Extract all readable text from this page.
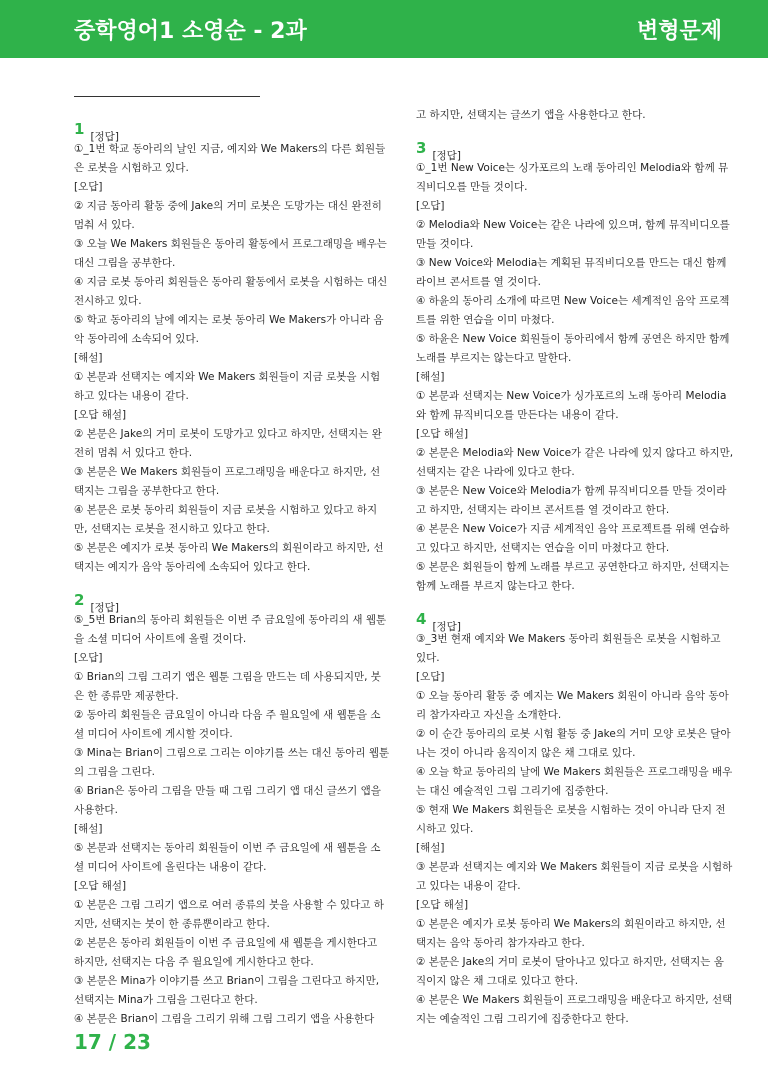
중학영어1 소영순 - 2과	변형문제
1 [정답]
①_1번 학교 동아리의 날인 지금, 예지와 We Makers의 다른 회원들은 로봇을 시험하고 있다.
[오답]
② 지금 동아리 활동 중에 Jake의 거미 로봇은 도망가는 대신 완전히 멈춰 서 있다.
③ 오늘 We Makers 회원들은 동아리 활동에서 프로그래밍을 배우는 대신 그림을 공부한다.
④ 지금 로봇 동아리 회원들은 동아리 활동에서 로봇을 시험하는 대신 전시하고 있다.
⑤ 학교 동아리의 날에 예지는 로봇 동아리 We Makers가 아니라 음악 동아리에 소속되어 있다.
[해설]
① 본문과 선택지는 예지와 We Makers 회원들이 지금 로봇을 시험하고 있다는 내용이 같다.
[오답 해설]
② 본문은 Jake의 거미 로봇이 도망가고 있다고 하지만, 선택지는 완전히 멈춰 서 있다고 한다.
③ 본문은 We Makers 회원들이 프로그래밍을 배운다고 하지만, 선택지는 그림을 공부한다고 한다.
④ 본문은 로봇 동아리 회원들이 지금 로봇을 시험하고 있다고 하지만, 선택지는 로봇을 전시하고 있다고 한다.
⑤ 본문은 예지가 로봇 동아리 We Makers의 회원이라고 하지만, 선택지는 예지가 음악 동아리에 소속되어 있다고 한다.
2 [정답]
⑤_5번 Brian의 동아리 회원들은 이번 주 금요일에 동아리의 새 웹툰을 소셜 미디어 사이트에 올릴 것이다.
[오답]
① Brian의 그림 그리기 앱은 웹툰 그림을 만드는 데 사용되지만, 붓은 한 종류만 제공한다.
② 동아리 회원들은 금요일이 아니라 다음 주 월요일에 새 웹툰을 소셜 미디어 사이트에 게시할 것이다.
③ Mina는 Brian이 그림으로 그리는 이야기를 쓰는 대신 동아리 웹툰의 그림을 그린다.
④ Brian은 동아리 그림을 만들 때 그림 그리기 앱 대신 글쓰기 앱을 사용한다.
[해설]
⑤ 본문과 선택지는 동아리 회원들이 이번 주 금요일에 새 웹툰을 소셜 미디어 사이트에 올린다는 내용이 같다.
[오답 해설]
① 본문은 그림 그리기 앱으로 여러 종류의 붓을 사용할 수 있다고 하지만, 선택지는 붓이 한 종류뿐이라고 한다.
② 본문은 동아리 회원들이 이번 주 금요일에 새 웹툰을 게시한다고 하지만, 선택지는 다음 주 월요일에 게시한다고 한다.
③ 본문은 Mina가 이야기를 쓰고 Brian이 그림을 그린다고 하지만, 선택지는 Mina가 그림을 그린다고 한다.
④ 본문은 Brian이 그림을 그리기 위해 그림 그리기 앱을 사용한다
고 하지만, 선택지는 글쓰기 앱을 사용한다고 한다.
3 [정답]
①_1번 New Voice는 싱가포르의 노래 동아리인 Melodia와 함께 뮤직비디오를 만들 것이다.
[오답]
② Melodia와 New Voice는 같은 나라에 있으며, 함께 뮤직비디오를 만들 것이다.
③ New Voice와 Melodia는 계획된 뮤직비디오를 만드는 대신 함께 라이브 콘서트를 열 것이다.
④ 하윤의 동아리 소개에 따르면 New Voice는 세계적인 음악 프로젝트를 위한 연습을 이미 마쳤다.
⑤ 하윤은 New Voice 회원들이 동아리에서 함께 공연은 하지만 함께 노래를 부르지는 않는다고 말한다.
[해설]
① 본문과 선택지는 New Voice가 싱가포르의 노래 동아리 Melodia와 함께 뮤직비디오를 만든다는 내용이 같다.
[오답 해설]
② 본문은 Melodia와 New Voice가 같은 나라에 있지 않다고 하지만, 선택지는 같은 나라에 있다고 한다.
③ 본문은 New Voice와 Melodia가 함께 뮤직비디오를 만들 것이라고 하지만, 선택지는 라이브 콘서트를 열 것이라고 한다.
④ 본문은 New Voice가 지금 세계적인 음악 프로젝트를 위해 연습하고 있다고 하지만, 선택지는 연습을 이미 마쳤다고 한다.
⑤ 본문은 회원들이 함께 노래를 부르고 공연한다고 하지만, 선택지는 함께 노래를 부르지 않는다고 한다.
4 [정답]
③_3번 현재 예지와 We Makers 동아리 회원들은 로봇을 시험하고 있다.
[오답]
① 오늘 동아리 활동 중 예지는 We Makers 회원이 아니라 음악 동아리 참가자라고 자신을 소개한다.
② 이 순간 동아리의 로봇 시험 활동 중 Jake의 거미 모양 로봇은 달아나는 것이 아니라 움직이지 않은 채 그대로 있다.
④ 오늘 학교 동아리의 날에 We Makers 회원들은 프로그래밍을 배우는 대신 예술적인 그림 그리기에 집중한다.
⑤ 현재 We Makers 회원들은 로봇을 시험하는 것이 아니라 단지 전시하고 있다.
[해설]
③ 본문과 선택지는 예지와 We Makers 회원들이 지금 로봇을 시험하고 있다는 내용이 같다.
[오답 해설]
① 본문은 예지가 로봇 동아리 We Makers의 회원이라고 하지만, 선택지는 음악 동아리 참가자라고 한다.
② 본문은 Jake의 거미 로봇이 달아나고 있다고 하지만, 선택지는 움직이지 않은 채 그대로 있다고 한다.
④ 본문은 We Makers 회원들이 프로그래밍을 배운다고 하지만, 선택지는 예술적인 그림 그리기에 집중한다고 한다.
17 / 23
